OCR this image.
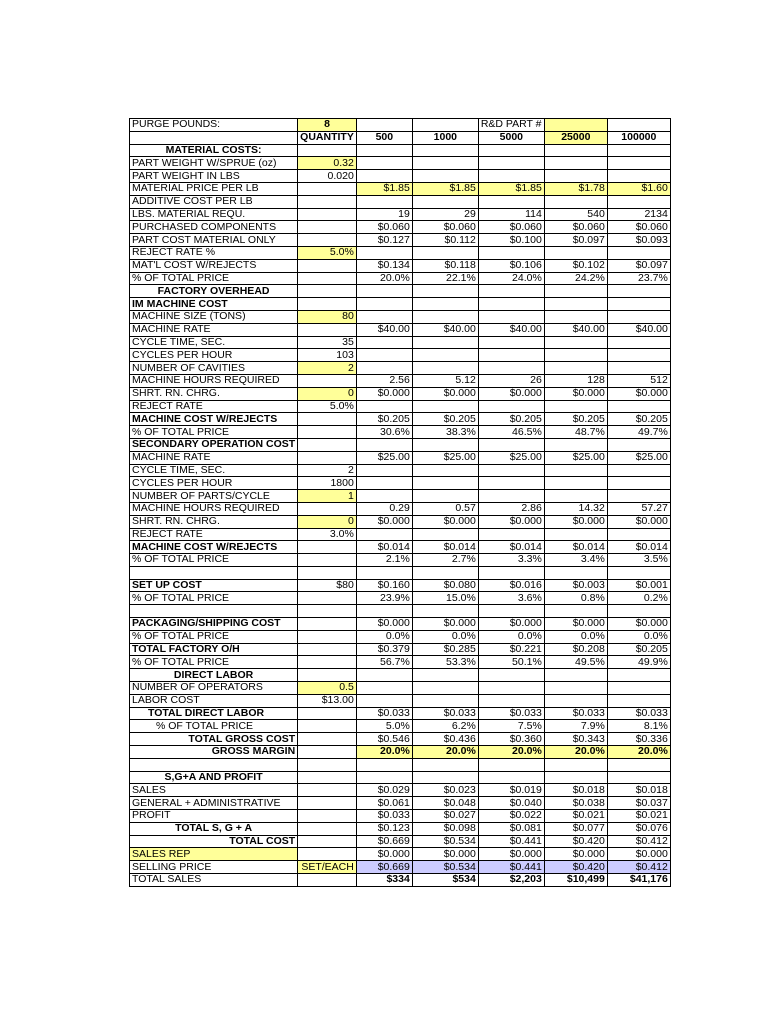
PURGE POUNDS:	8			R&D PART #		
	QUANTITY	500	1000	5000	25000	100000
MATERIAL COSTS:						
PART WEIGHT W/SPRUE (oz)	0.32					
PART WEIGHT IN LBS	0.020					
MATERIAL PRICE PER LB		$1.85	$1.85	$1.85	$1.78	$1.60
ADDITIVE COST PER LB						
LBS. MATERIAL REQU.		19	29	114	540	2134
PURCHASED COMPONENTS		$0.060	$0.060	$0.060	$0.060	$0.060
PART COST MATERIAL ONLY		$0.127	$0.112	$0.100	$0.097	$0.093
REJECT RATE %	5.0%					
MAT'L COST W/REJECTS		$0.134	$0.118	$0.106	$0.102	$0.097
% OF TOTAL PRICE		20.0%	22.1%	24.0%	24.2%	23.7%
FACTORY OVERHEAD						
IM MACHINE COST						
MACHINE SIZE (TONS)	80					
MACHINE RATE		$40.00	$40.00	$40.00	$40.00	$40.00
CYCLE TIME, SEC.	35					
CYCLES PER HOUR	103					
NUMBER OF CAVITIES	2					
MACHINE HOURS REQUIRED		2.56	5.12	26	128	512
SHRT. RN. CHRG.	0	$0.000	$0.000	$0.000	$0.000	$0.000
REJECT RATE	5.0%					
MACHINE COST W/REJECTS		$0.205	$0.205	$0.205	$0.205	$0.205
% OF TOTAL PRICE		30.6%	38.3%	46.5%	48.7%	49.7%
SECONDARY OPERATION COST						
MACHINE RATE		$25.00	$25.00	$25.00	$25.00	$25.00
CYCLE TIME, SEC.	2					
CYCLES PER HOUR	1800					
NUMBER OF PARTS/CYCLE	1					
MACHINE HOURS REQUIRED		0.29	0.57	2.86	14.32	57.27
SHRT. RN. CHRG.	0	$0.000	$0.000	$0.000	$0.000	$0.000
REJECT RATE	3.0%					
MACHINE COST W/REJECTS		$0.014	$0.014	$0.014	$0.014	$0.014
% OF TOTAL PRICE		2.1%	2.7%	3.3%	3.4%	3.5%

SET UP COST	$80	$0.160	$0.080	$0.016	$0.003	$0.001
% OF TOTAL PRICE		23.9%	15.0%	3.6%	0.8%	0.2%

PACKAGING/SHIPPING COST		$0.000	$0.000	$0.000	$0.000	$0.000
% OF TOTAL PRICE		0.0%	0.0%	0.0%	0.0%	0.0%
TOTAL FACTORY O/H		$0.379	$0.285	$0.221	$0.208	$0.205
% OF TOTAL PRICE		56.7%	53.3%	50.1%	49.5%	49.9%
DIRECT LABOR						
NUMBER OF OPERATORS	0.5					
LABOR COST	$13.00					
TOTAL DIRECT LABOR		$0.033	$0.033	$0.033	$0.033	$0.033
% OF TOTAL PRICE		5.0%	6.2%	7.5%	7.9%	8.1%
TOTAL GROSS COST		$0.546	$0.436	$0.360	$0.343	$0.336
GROSS MARGIN		20.0%	20.0%	20.0%	20.0%	20.0%

S,G+A AND PROFIT						
SALES		$0.029	$0.023	$0.019	$0.018	$0.018
GENERAL + ADMINISTRATIVE		$0.061	$0.048	$0.040	$0.038	$0.037
PROFIT		$0.033	$0.027	$0.022	$0.021	$0.021
TOTAL S, G + A		$0.123	$0.098	$0.081	$0.077	$0.076
TOTAL COST		$0.669	$0.534	$0.441	$0.420	$0.412
SALES REP		$0.000	$0.000	$0.000	$0.000	$0.000
SELLING PRICE	SET/EACH	$0.669	$0.534	$0.441	$0.420	$0.412
TOTAL SALES		$334	$534	$2,203	$10,499	$41,176
